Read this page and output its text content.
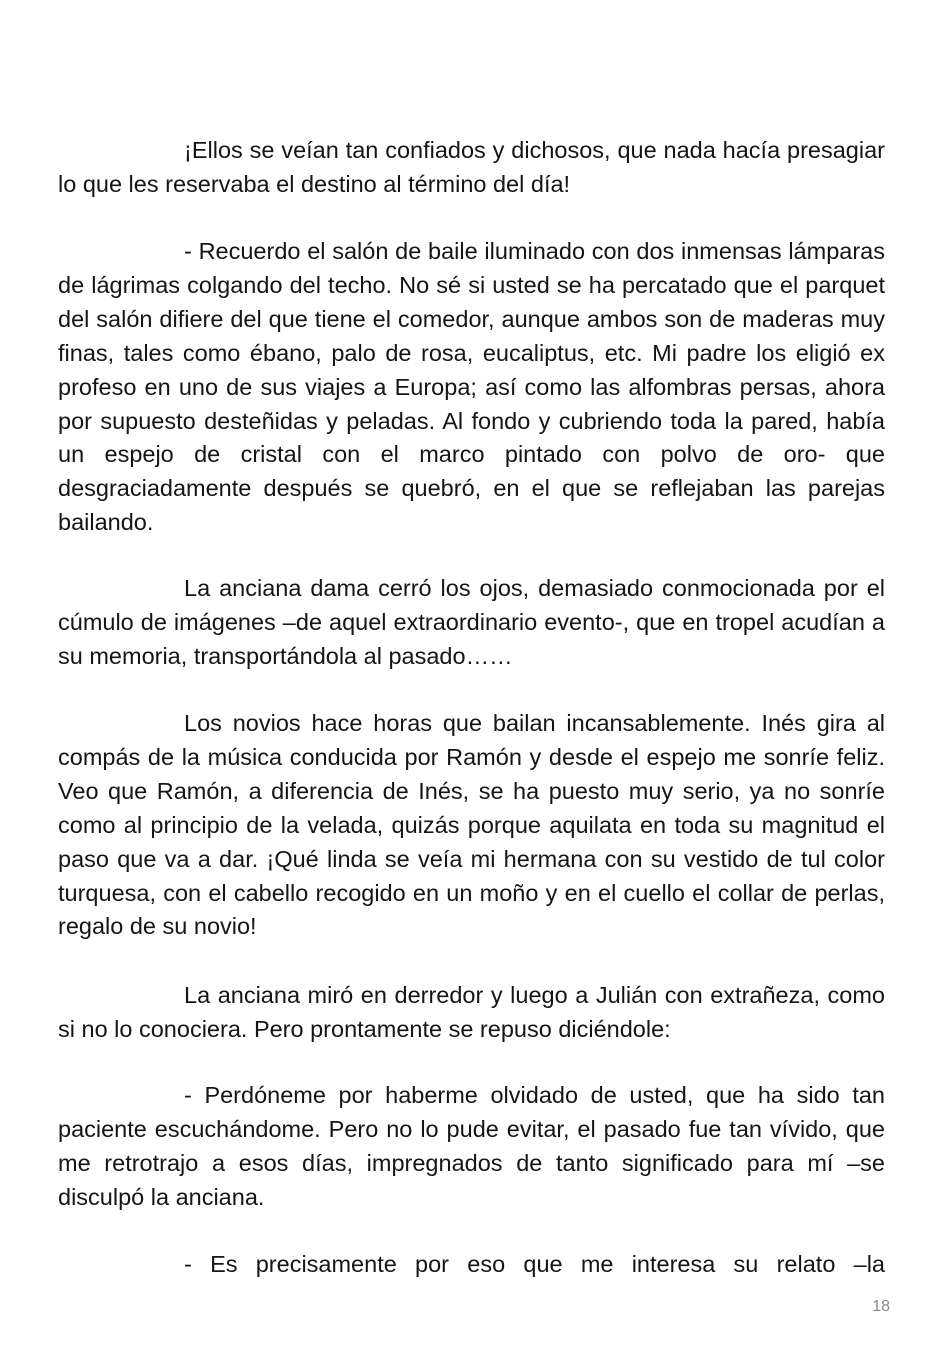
¡Ellos se veían tan confiados y dichosos, que nada hacía presagiar lo que les reservaba el destino al término del día!

- Recuerdo el salón de baile iluminado con dos inmensas lámparas de lágrimas colgando del techo. No sé si usted se ha percatado que el parquet del salón difiere del que tiene el comedor, aunque ambos son de maderas muy finas, tales como ébano, palo de rosa, eucaliptus, etc. Mi padre los eligió ex profeso en uno de sus viajes a Europa; así como las alfombras persas, ahora por supuesto desteñidas y peladas. Al fondo y cubriendo toda la pared, había un espejo de cristal con el marco pintado con polvo de oro- que desgraciadamente después se quebró, en el que se reflejaban las parejas bailando.

La anciana dama cerró los ojos, demasiado conmocionada por el cúmulo de imágenes –de aquel extraordinario evento-, que en tropel acudían a su memoria, transportándola al pasado……

Los novios hace horas que bailan incansablemente. Inés gira al compás de la música conducida por Ramón y desde el espejo me sonríe feliz. Veo que Ramón, a diferencia de Inés, se ha puesto muy serio, ya no sonríe como al principio de la velada, quizás porque aquilata en toda su magnitud el paso que va a dar. ¡Qué linda se veía mi hermana con su vestido de tul color turquesa, con el cabello recogido en un moño y en el cuello el collar de perlas, regalo de su novio!

La anciana miró en derredor y luego a Julián con extrañeza, como si no lo conociera. Pero prontamente se repuso diciéndole:

- Perdóneme por haberme olvidado de usted, que ha sido tan paciente escuchándome. Pero no lo pude evitar, el pasado fue tan vívido, que me retrotrajo a esos días, impregnados de tanto significado para mí –se disculpó la anciana.

- Es precisamente por eso que me interesa su relato –la

18
